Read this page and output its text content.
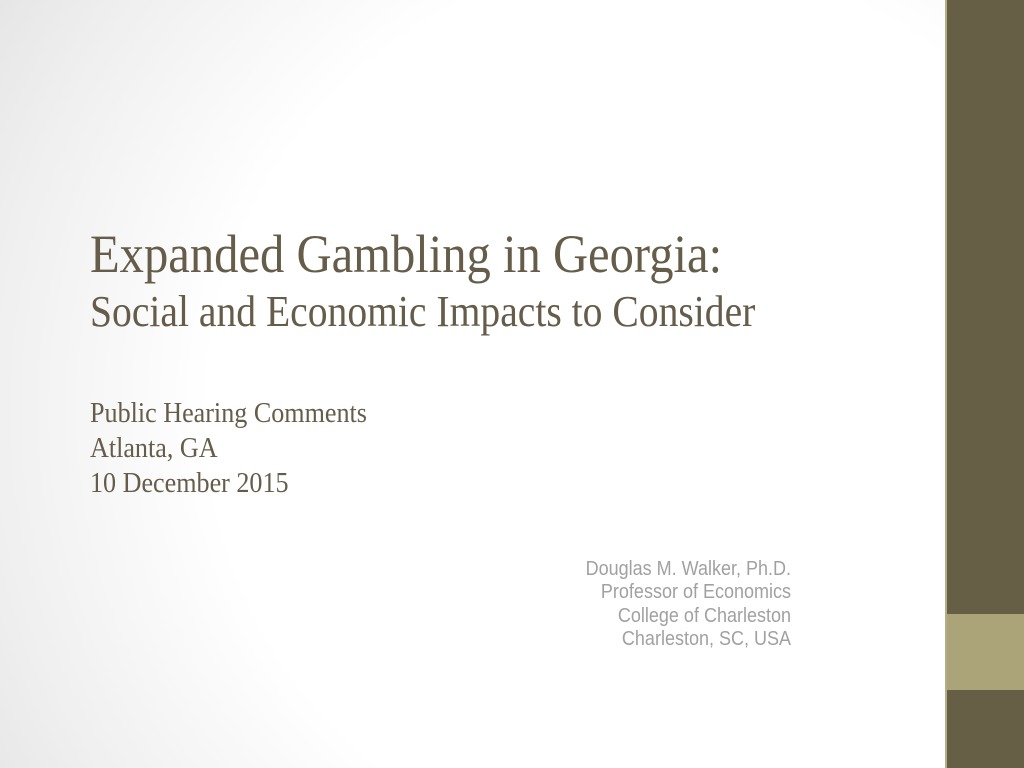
Expanded Gambling in Georgia:
Social and Economic Impacts to Consider
Public Hearing Comments
Atlanta, GA
10 December 2015
Douglas M. Walker, Ph.D.
Professor of Economics
College of Charleston
Charleston, SC, USA
